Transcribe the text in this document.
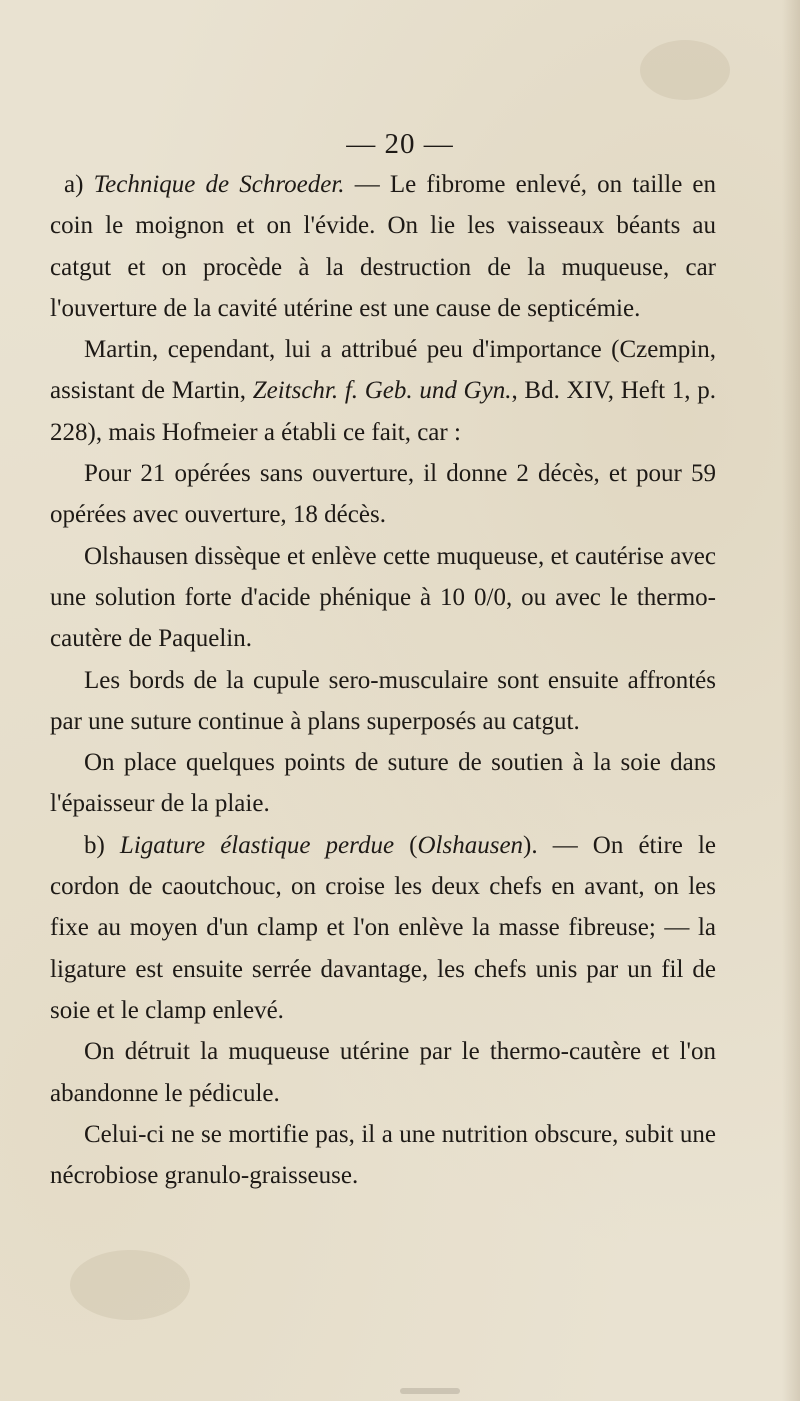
— 20 —

a) Technique de Schroeder. — Le fibrome enlevé, on taille en coin le moignon et on l'évide. On lie les vaisseaux béants au catgut et on procède à la destruction de la muqueuse, car l'ouverture de la cavité utérine est une cause de septicémie.

Martin, cependant, lui a attribué peu d'importance (Czempin, assistant de Martin, Zeitschr. f. Geb. und Gyn., Bd. XIV, Heft 1, p. 228), mais Hofmeier a établi ce fait, car :

Pour 21 opérées sans ouverture, il donne 2 décès, et pour 59 opérées avec ouverture, 18 décès.

Olshausen dissèque et enlève cette muqueuse, et cautérise avec une solution forte d'acide phénique à 10 0/0, ou avec le thermo-cautère de Paquelin.

Les bords de la cupule sero-musculaire sont ensuite affrontés par une suture continue à plans superposés au catgut.

On place quelques points de suture de soutien à la soie dans l'épaisseur de la plaie.

b) Ligature élastique perdue (Olshausen). — On étire le cordon de caoutchouc, on croise les deux chefs en avant, on les fixe au moyen d'un clamp et l'on enlève la masse fibreuse; — la ligature est ensuite serrée davantage, les chefs unis par un fil de soie et le clamp enlevé.

On détruit la muqueuse utérine par le thermo-cautère et l'on abandonne le pédicule.

Celui-ci ne se mortifie pas, il a une nutrition obscure, subit une nécrobiose granulo-graisseuse.
